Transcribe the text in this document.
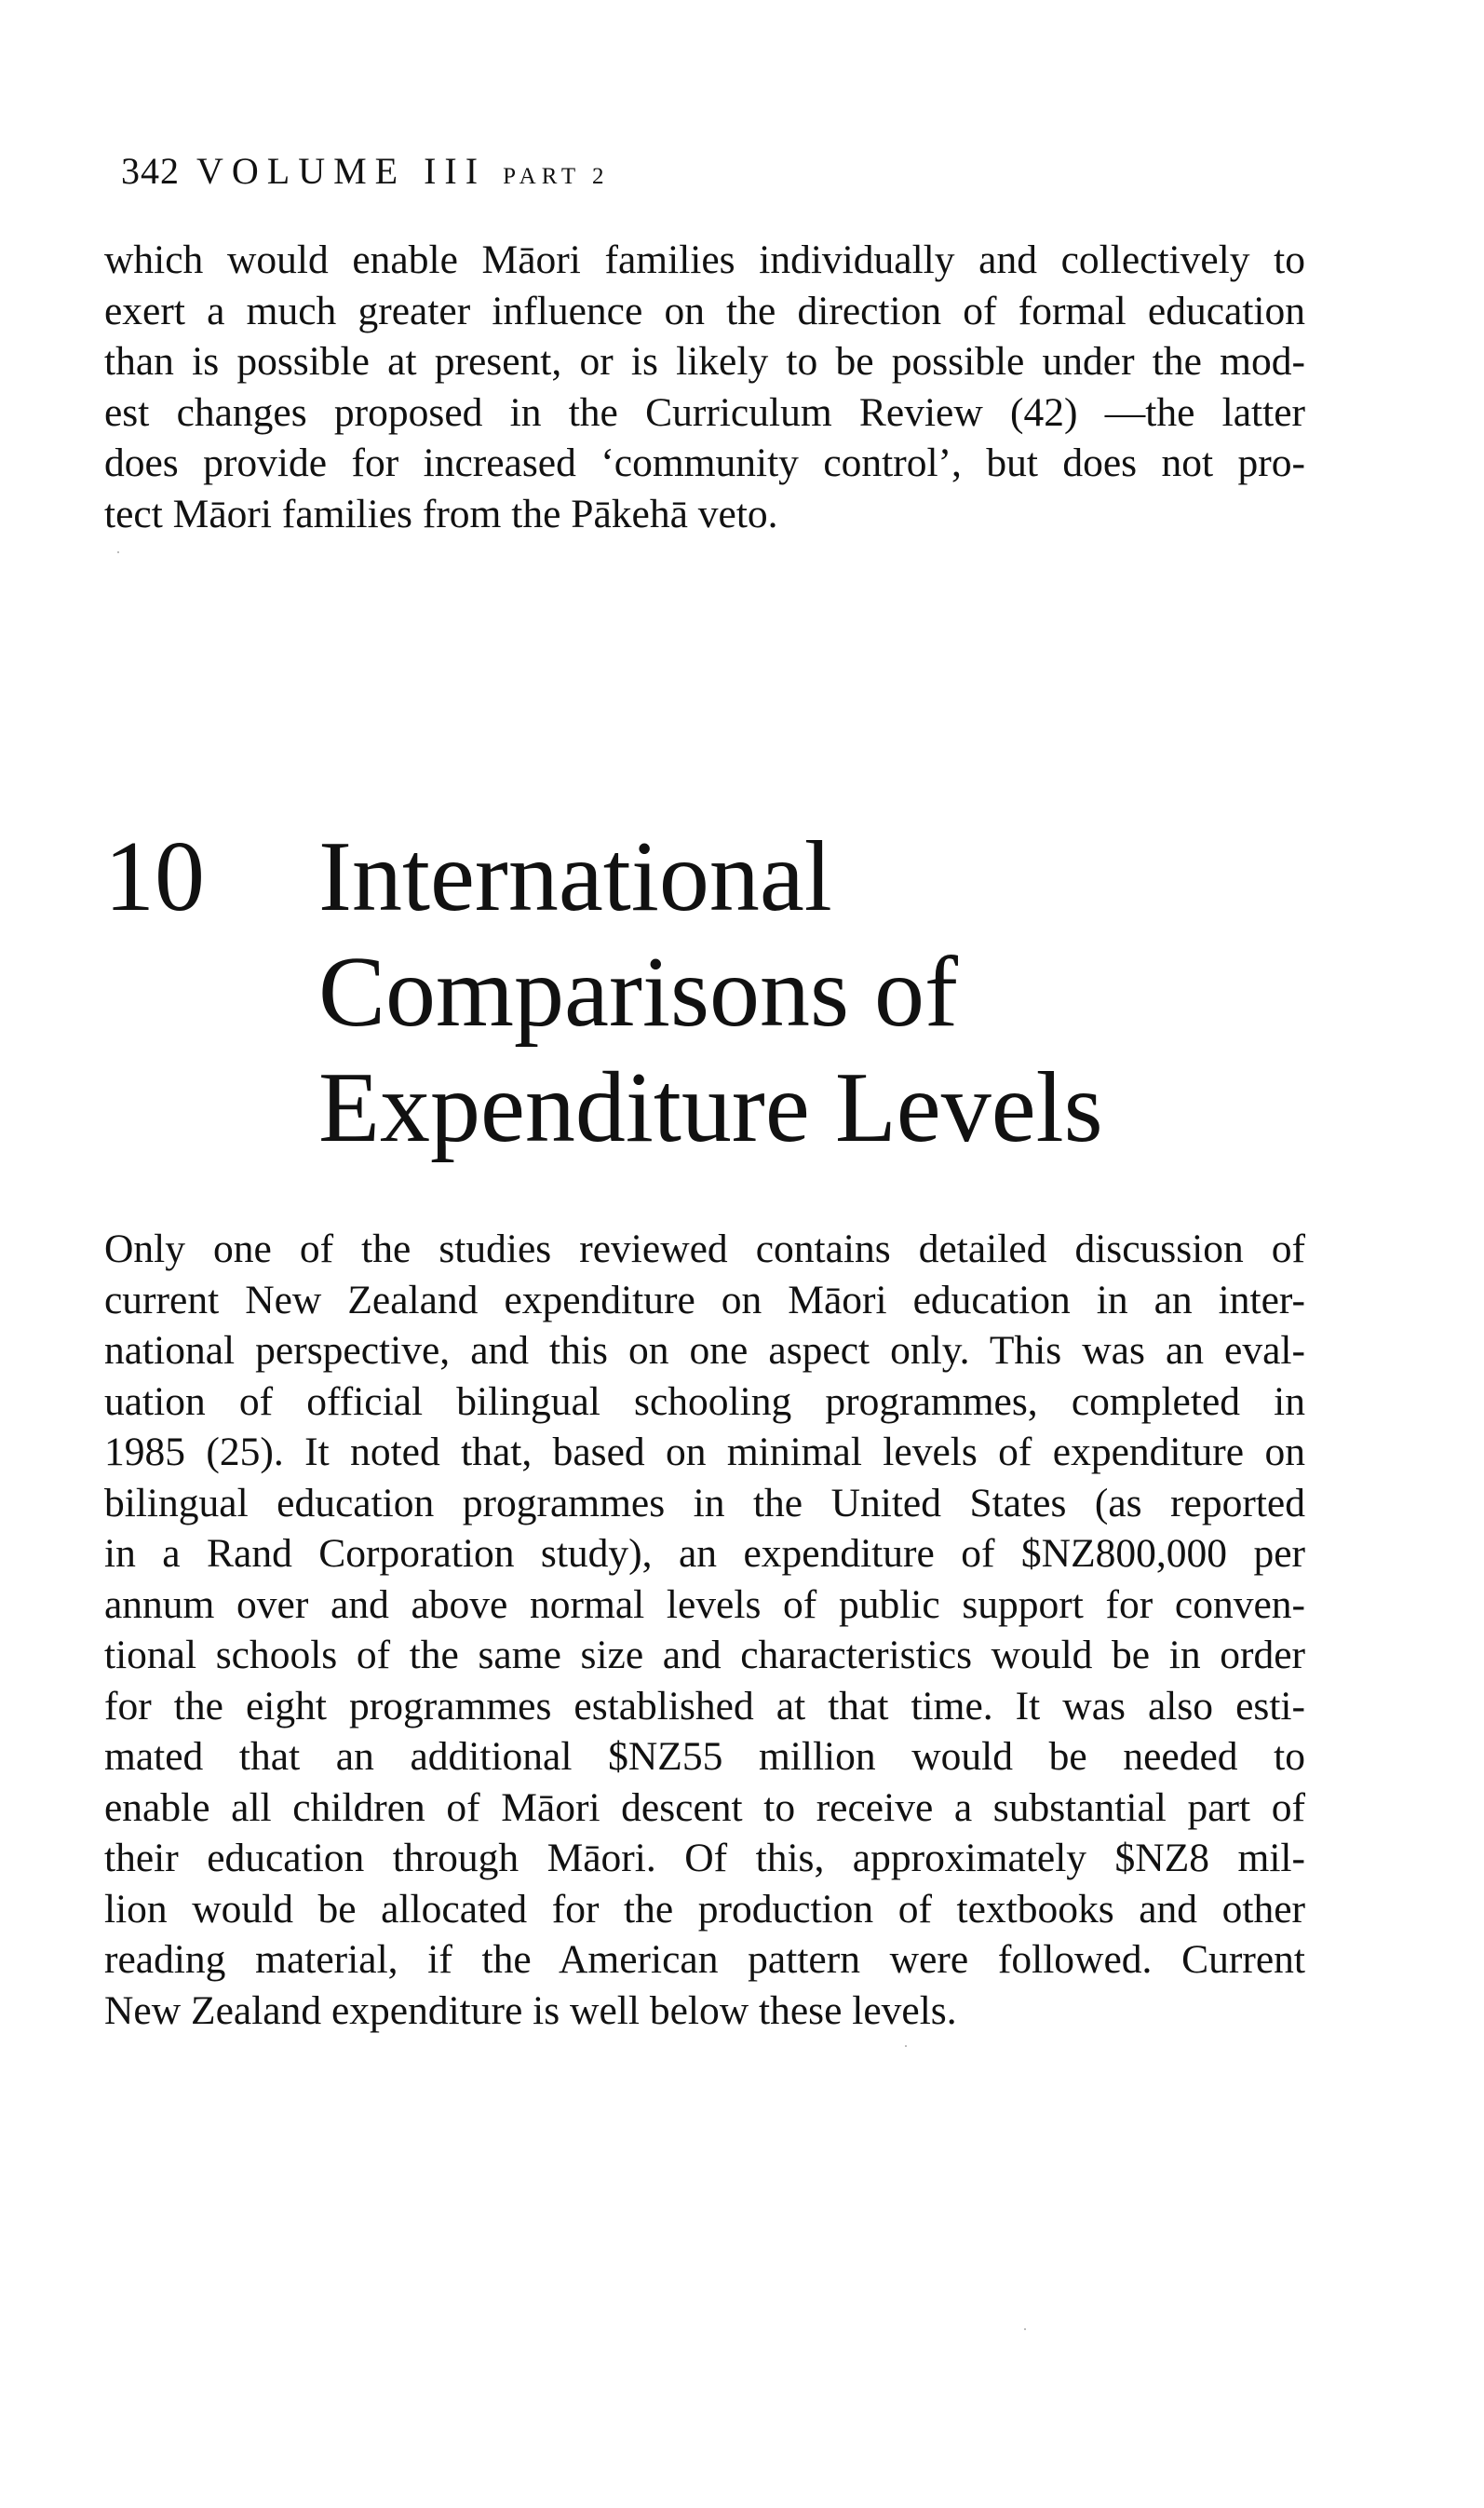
342 VOLUME III PART 2

which would enable Māori families individually and collectively to
exert a much greater influence on the direction of formal education
than is possible at present, or is likely to be possible under the mod-
est changes proposed in the Curriculum Review (42) —the latter
does provide for increased ‘community control’, but does not pro-
tect Māori families from the Pākehā veto.

10 International
Comparisons of
Expenditure Levels

Only one of the studies reviewed contains detailed discussion of
current New Zealand expenditure on Māori education in an inter-
national perspective, and this on one aspect only. This was an eval-
uation of official bilingual schooling programmes, completed in
1985 (25). It noted that, based on minimal levels of expenditure on
bilingual education programmes in the United States (as reported
in a Rand Corporation study), an expenditure of $NZ800,000 per
annum over and above normal levels of public support for conven-
tional schools of the same size and characteristics would be in order
for the eight programmes established at that time. It was also esti-
mated that an additional $NZ55 million would be needed to
enable all children of Māori descent to receive a substantial part of
their education through Māori. Of this, approximately $NZ8 mil-
lion would be allocated for the production of textbooks and other
reading material, if the American pattern were followed. Current
New Zealand expenditure is well below these levels.
